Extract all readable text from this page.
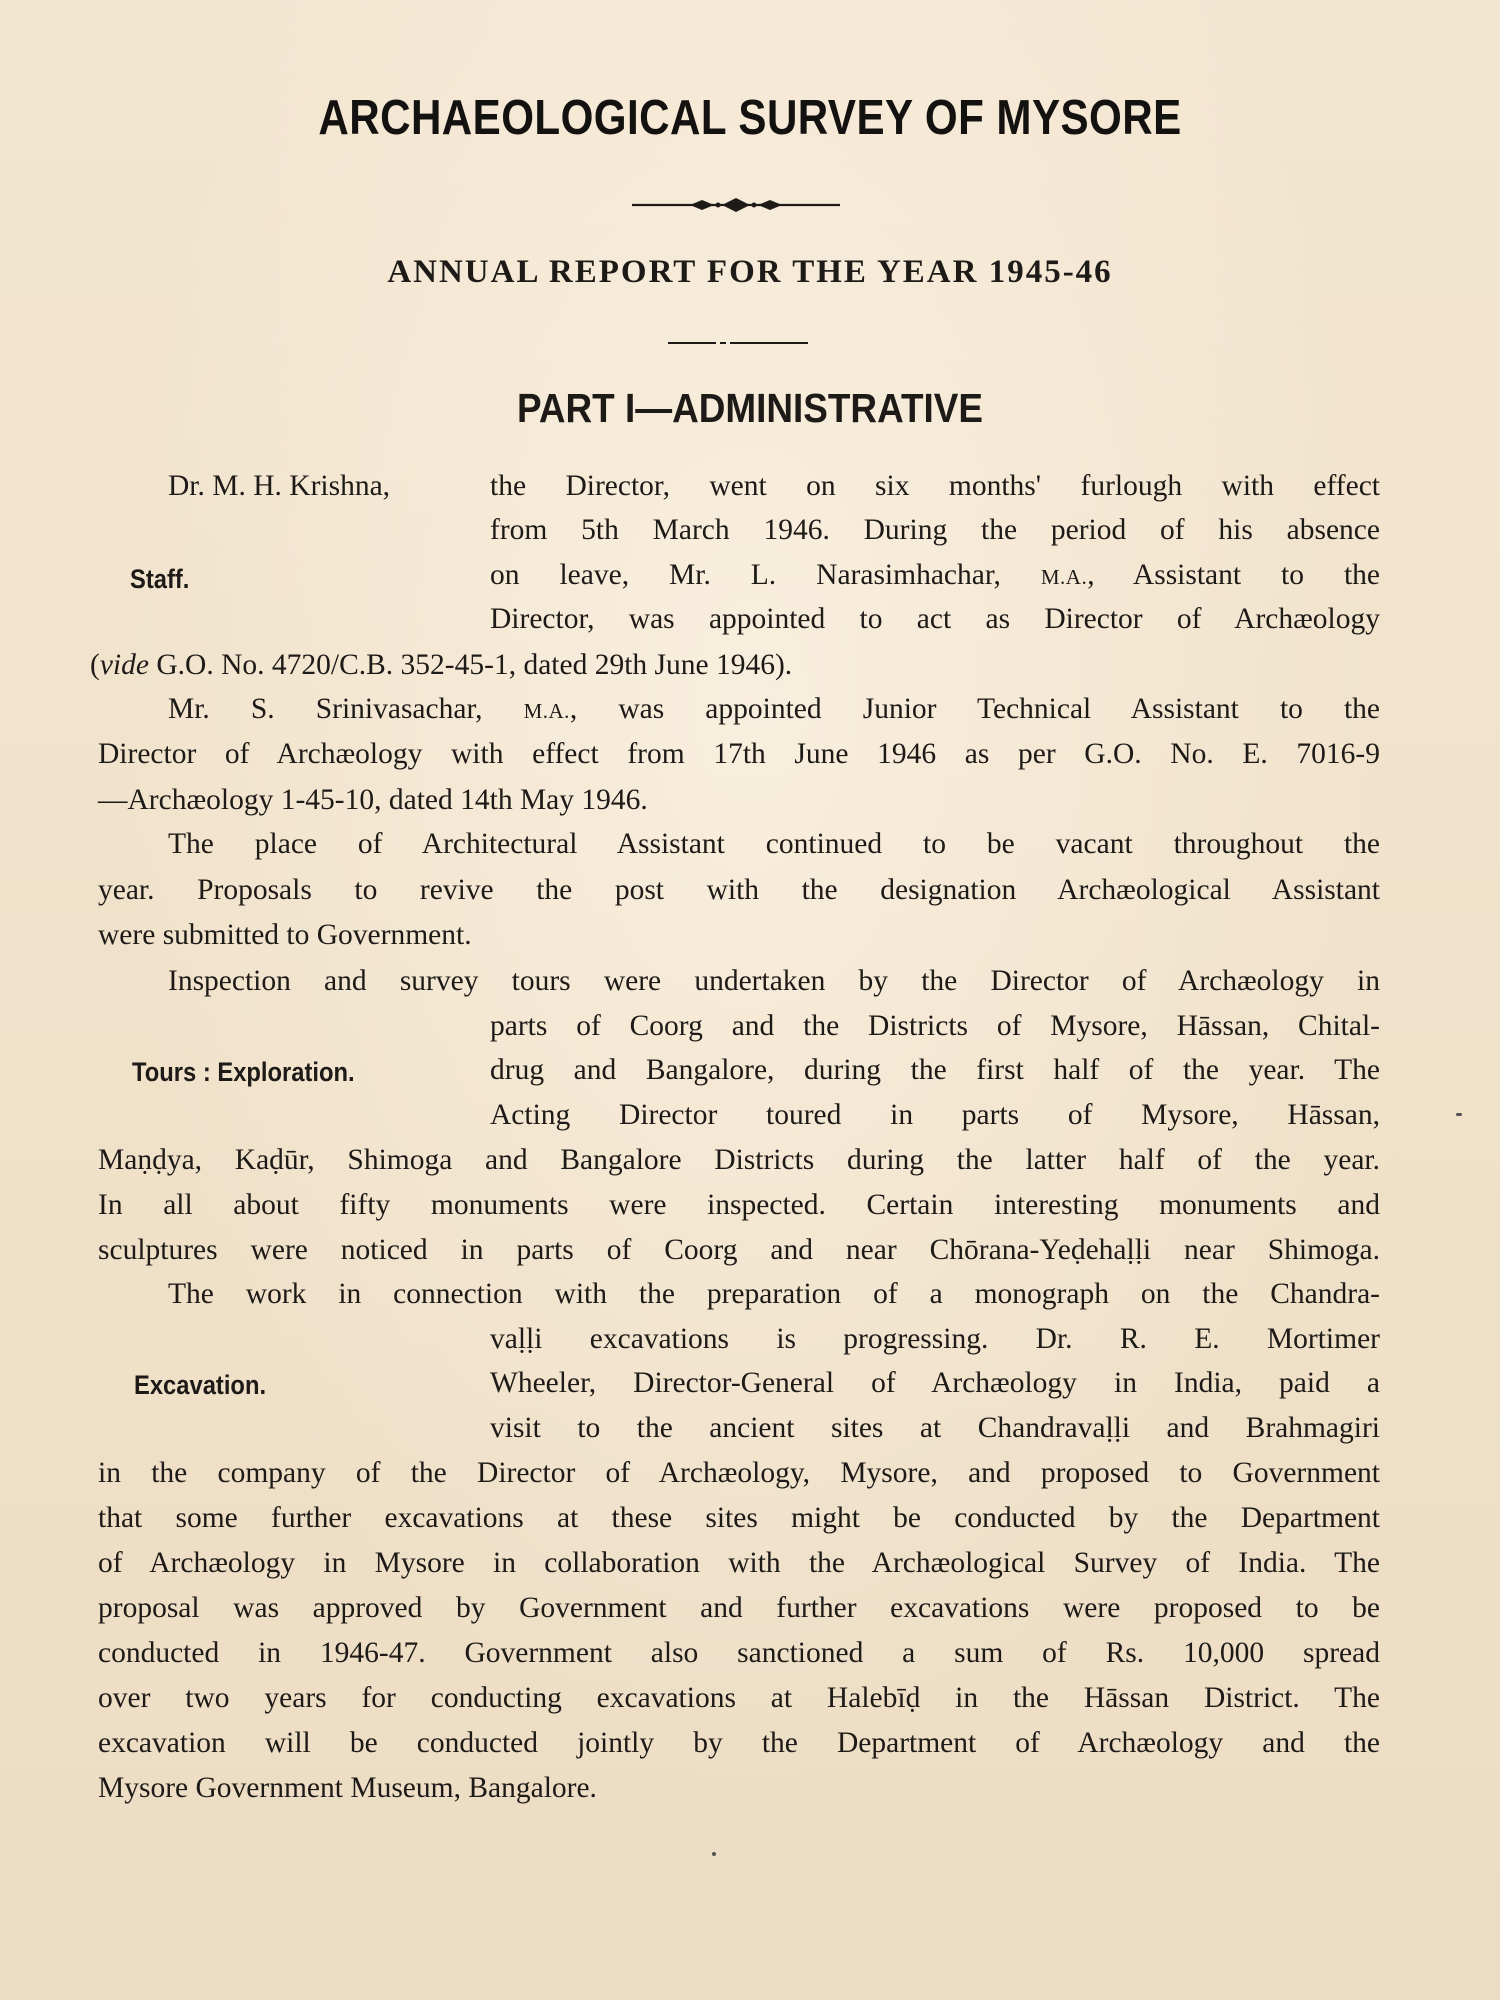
ARCHAEOLOGICAL SURVEY OF MYSORE
ANNUAL REPORT FOR THE YEAR 1945-46
PART I—ADMINISTRATIVE

Dr. M. H. Krishna,	the Director, went on six months' furlough with effect

from 5th March 1946. During the period of his absence

Staff.	on leave, Mr. L. Narasimhachar, M.A., Assistant to the

Director, was appointed to act as Director of Archæology

(vide G.O. No. 4720/C.B. 352-45-1, dated 29th June 1946).

Mr. S. Srinivasachar, M.A., was appointed Junior Technical Assistant to the

Director of Archæology with effect from 17th June 1946 as per G.O. No. E. 7016-9

—Archæology 1-45-10, dated 14th May 1946.

The place of Architectural Assistant continued to be vacant throughout the

year. Proposals to revive the post with the designation Archæological Assistant

were submitted to Government.

Inspection and survey tours were undertaken by the Director of Archæology in

parts of Coorg and the Districts of Mysore, Hāssan, Chital-

Tours : Exploration.	drug and Bangalore, during the first half of the year. The

Acting Director toured in parts of Mysore, Hāssan,

Maṇḍya, Kaḍūr, Shimoga and Bangalore Districts during the latter half of the year.

In all about fifty monuments were inspected. Certain interesting monuments and

sculptures were noticed in parts of Coorg and near Chōrana-Yeḍehaḷḷi near Shimoga.

The work in connection with the preparation of a monograph on the Chandra-

vaḷḷi excavations is progressing. Dr. R. E. Mortimer

Excavation.	Wheeler, Director-General of Archæology in India, paid a

visit to the ancient sites at Chandravaḷḷi and Brahmagiri

in the company of the Director of Archæology, Mysore, and proposed to Government

that some further excavations at these sites might be conducted by the Department

of Archæology in Mysore in collaboration with the Archæological Survey of India. The

proposal was approved by Government and further excavations were proposed to be

conducted in 1946-47. Government also sanctioned a sum of Rs. 10,000 spread

over two years for conducting excavations at Halebīḍ in the Hāssan District. The

excavation will be conducted jointly by the Department of Archæology and the

Mysore Government Museum, Bangalore.
